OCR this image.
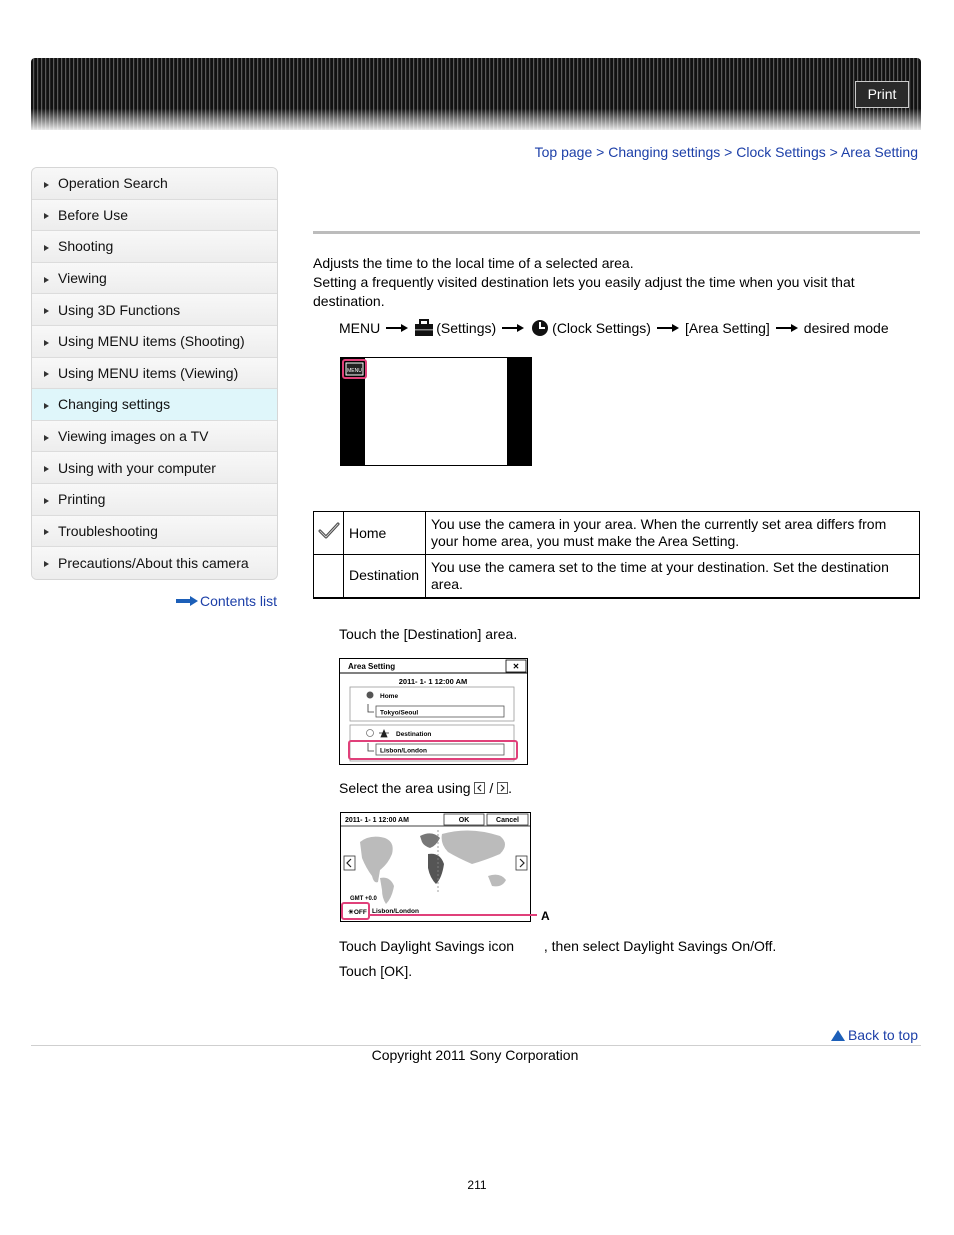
Print
Top page > Changing settings > Clock Settings > Area Setting
Operation Search
Before Use
Shooting
Viewing
Using 3D Functions
Using MENU items (Shooting)
Using MENU items (Viewing)
Changing settings
Viewing images on a TV
Using with your computer
Printing
Troubleshooting
Precautions/About this camera
Contents list
Adjusts the time to the local time of a selected area.
Setting a frequently visited destination lets you easily adjust the time when you visit that destination.
MENU	(Settings)	(Clock Settings) [Area Setting] desired mode
MENU
	Home	You use the camera in your area. When the currently set area differs from your home area, you must make the Area Setting.
	Destination	You use the camera set to the time at your destination. Set the destination area.
Touch the [Destination] area.
Area Setting	✕
2011- 1- 1 12:00 AM
Home
Tokyo/Seoul
Destination
Lisbon/London
Select the area using / .
2011- 1- 1 12:00 AM	OK	Cancel
GMT +0.0
☀OFF Lisbon/London	A
Touch Daylight Savings icon , then select Daylight Savings On/Off.
Touch [OK].
Back to top
Copyright 2011 Sony Corporation
211
